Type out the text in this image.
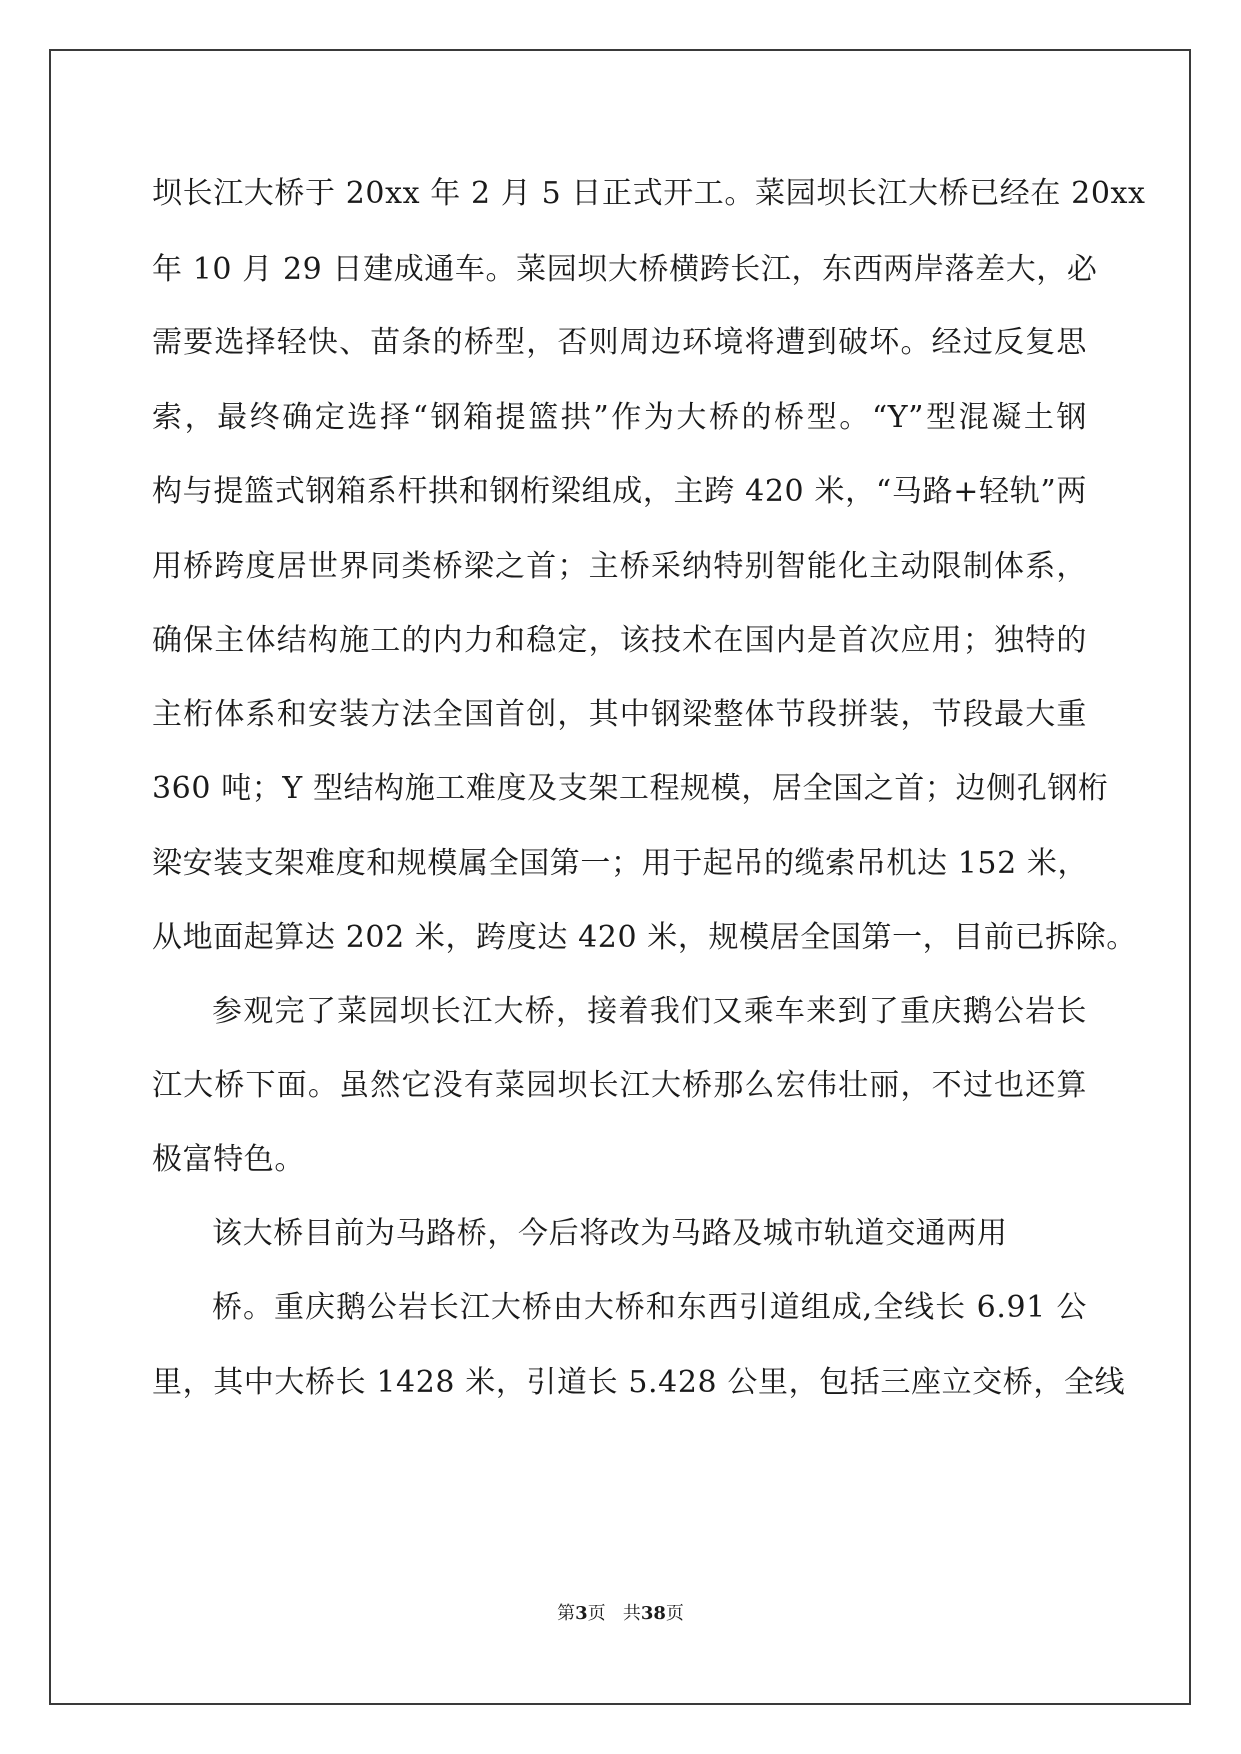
坝长江大桥于 20xx 年 2 月 5 日正式开工。菜园坝长江大桥已经在 20xx
年 10 月 29 日建成通车。菜园坝大桥横跨长江，东西两岸落差大，必
需要选择轻快、苗条的桥型，否则周边环境将遭到破坏。经过反复思
索，最终确定选择“钢箱提篮拱”作为大桥的桥型。“Y”型混凝土钢
构与提篮式钢箱系杆拱和钢桁梁组成，主跨 420 米，“马路+轻轨”两
用桥跨度居世界同类桥梁之首；主桥采纳特别智能化主动限制体系，
确保主体结构施工的内力和稳定，该技术在国内是首次应用；独特的
主桁体系和安装方法全国首创，其中钢梁整体节段拼装，节段最大重
360 吨；Y 型结构施工难度及支架工程规模，居全国之首；边侧孔钢桁
梁安装支架难度和规模属全国第一；用于起吊的缆索吊机达 152 米，
从地面起算达 202 米，跨度达 420 米，规模居全国第一，目前已拆除。
参观完了菜园坝长江大桥，接着我们又乘车来到了重庆鹅公岩长
江大桥下面。虽然它没有菜园坝长江大桥那么宏伟壮丽，不过也还算
极富特色。
该大桥目前为马路桥，今后将改为马路及城市轨道交通两用
桥。重庆鹅公岩长江大桥由大桥和东西引道组成,全线长 6.91 公
里，其中大桥长 1428 米，引道长 5.428 公里，包括三座立交桥，全线
第3页 共38页
